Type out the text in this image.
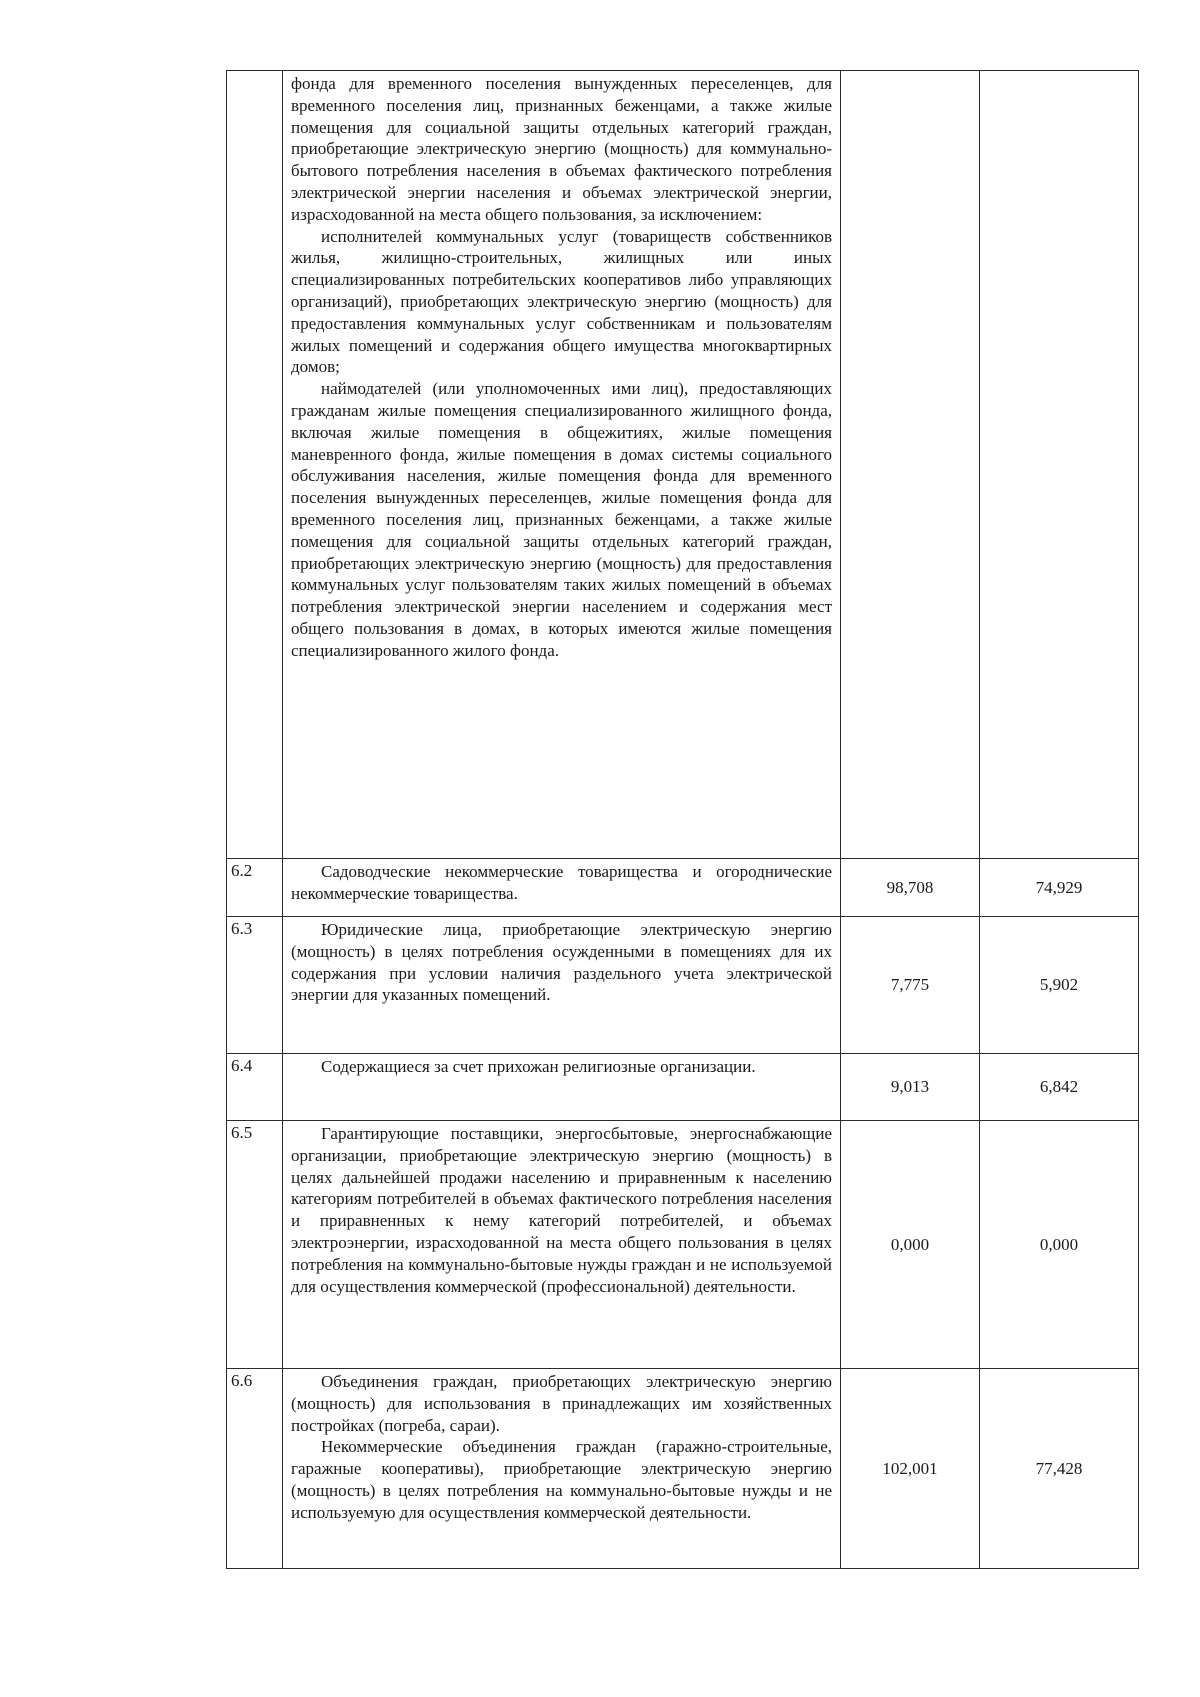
	фонда для временного поселения вынужденных переселенцев, для временного поселения лиц, признанных беженцами, а также жилые помещения для социальной защиты отдельных категорий граждан, приобретающие электрическую энергию (мощность) для коммунально-бытового потребления населения в объемах фактического потребления электрической энергии населения и объемах электрической энергии, израсходованной на места общего пользования, за исключением:

исполнителей коммунальных услуг (товариществ собственников жилья, жилищно-строительных, жилищных или иных специализированных потребительских кооперативов либо управляющих организаций), приобретающих электрическую энергию (мощность) для предоставления коммунальных услуг собственникам и пользователям жилых помещений и содержания общего имущества многоквартирных домов;

наймодателей (или уполномоченных ими лиц), предоставляющих гражданам жилые помещения специализированного жилищного фонда, включая жилые помещения в общежитиях, жилые помещения маневренного фонда, жилые помещения в домах системы социального обслуживания населения, жилые помещения фонда для временного поселения вынужденных переселенцев, жилые помещения фонда для временного поселения лиц, признанных беженцами, а также жилые помещения для социальной защиты отдельных категорий граждан, приобретающих электрическую энергию (мощность) для предоставления коммунальных услуг пользователям таких жилых помещений в объемах потребления электрической энергии населением и содержания мест общего пользования в домах, в которых имеются жилые помещения специализированного жилого фонда.		

6.2	Садоводческие некоммерческие товарищества и огороднические некоммерческие товарищества.	98,708	74,929
6.3	Юридические лица, приобретающие электрическую энергию (мощность) в целях потребления осужденными в помещениях для их содержания при условии наличия раздельного учета электрической энергии для указанных помещений.	7,775	5,902
6.4	Содержащиеся за счет прихожан религиозные организации.	9,013	6,842
6.5	Гарантирующие поставщики, энергосбытовые, энергоснабжающие организации, приобретающие электрическую энергию (мощность) в целях дальнейшей продажи населению и приравненным к населению категориям потребителей в объемах фактического потребления населения и приравненных к нему категорий потребителей, и объемах электроэнергии, израсходованной на места общего пользования в целях потребления на коммунально-бытовые нужды граждан и не используемой для осуществления коммерческой (профессиональной) деятельности.	0,000	0,000
6.6	Объединения граждан, приобретающих электрическую энергию (мощность) для использования в принадлежащих им хозяйственных постройках (погреба, сараи).

Некоммерческие объединения граждан (гаражно-строительные, гаражные кооперативы), приобретающие электрическую энергию (мощность) в целях потребления на коммунально-бытовые нужды и не используемую для осуществления коммерческой деятельности.	102,001	77,428
